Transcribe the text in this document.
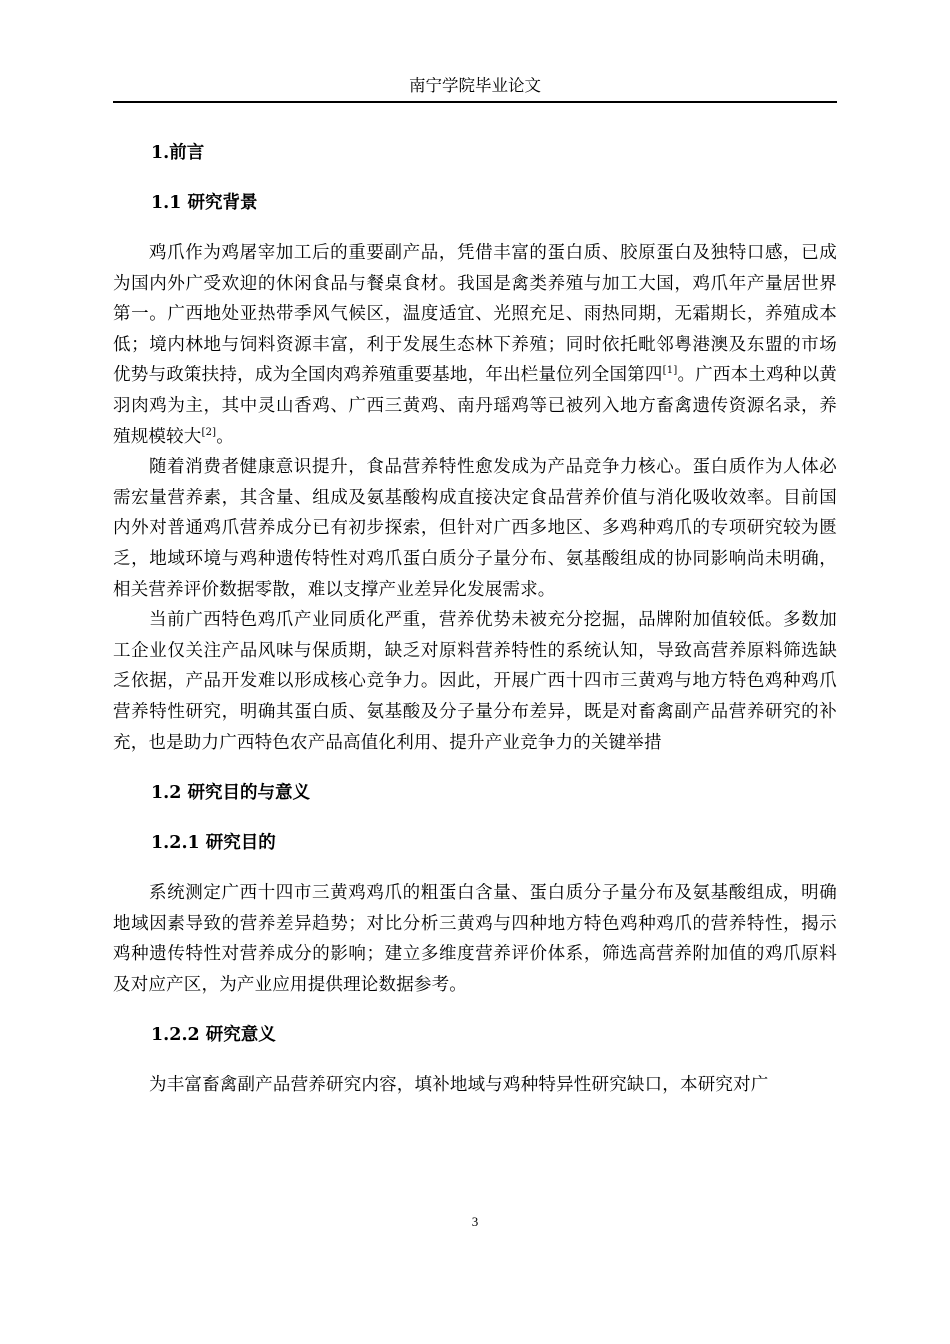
南宁学院毕业论文

1.前言

1.1 研究背景

鸡爪作为鸡屠宰加工后的重要副产品，凭借丰富的蛋白质、胶原蛋白及独特口感，已成为国内外广受欢迎的休闲食品与餐桌食材。我国是禽类养殖与加工大国，鸡爪年产量居世界第一。广西地处亚热带季风气候区，温度适宜、光照充足、雨热同期，无霜期长，养殖成本低；境内林地与饲料资源丰富，利于发展生态林下养殖；同时依托毗邻粤港澳及东盟的市场优势与政策扶持，成为全国肉鸡养殖重要基地，年出栏量位列全国第四[1]。广西本土鸡种以黄羽肉鸡为主，其中灵山香鸡、广西三黄鸡、南丹瑶鸡等已被列入地方畜禽遗传资源名录，养殖规模较大[2]。

随着消费者健康意识提升，食品营养特性愈发成为产品竞争力核心。蛋白质作为人体必需宏量营养素，其含量、组成及氨基酸构成直接决定食品营养价值与消化吸收效率。目前国内外对普通鸡爪营养成分已有初步探索，但针对广西多地区、多鸡种鸡爪的专项研究较为匮乏，地域环境与鸡种遗传特性对鸡爪蛋白质分子量分布、氨基酸组成的协同影响尚未明确，相关营养评价数据零散，难以支撑产业差异化发展需求。

当前广西特色鸡爪产业同质化严重，营养优势未被充分挖掘，品牌附加值较低。多数加工企业仅关注产品风味与保质期，缺乏对原料营养特性的系统认知，导致高营养原料筛选缺乏依据，产品开发难以形成核心竞争力。因此，开展广西十四市三黄鸡与地方特色鸡种鸡爪营养特性研究，明确其蛋白质、氨基酸及分子量分布差异，既是对畜禽副产品营养研究的补充，也是助力广西特色农产品高值化利用、提升产业竞争力的关键举措

1.2 研究目的与意义

1.2.1 研究目的

系统测定广西十四市三黄鸡鸡爪的粗蛋白含量、蛋白质分子量分布及氨基酸组成，明确地域因素导致的营养差异趋势；对比分析三黄鸡与四种地方特色鸡种鸡爪的营养特性，揭示鸡种遗传特性对营养成分的影响；建立多维度营养评价体系，筛选高营养附加值的鸡爪原料及对应产区，为产业应用提供理论数据参考。

1.2.2 研究意义

为丰富畜禽副产品营养研究内容，填补地域与鸡种特异性研究缺口，本研究对广

3
